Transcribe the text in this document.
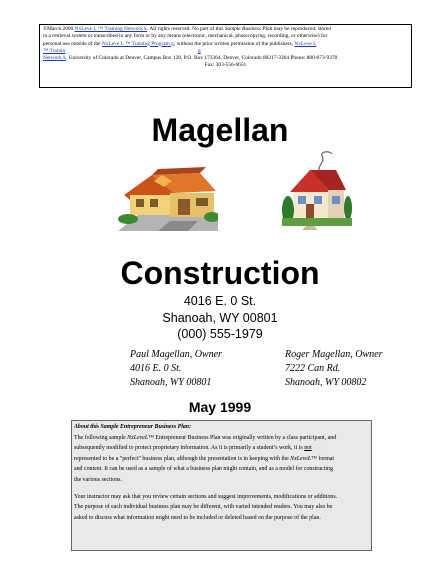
©March 2000 NxLeve L ™ Training Network k. All rights reserved. No part of this Sample Business Plan may be reproduced, stored
in a retrieval system or transcribed in any form or by any means (electronic, mechanical, photocopying, recording, or otherwise) for
personal use outside of the NxLeve L ™ Training Program g, without the prior written permission of the publishers, NxLeve L
™ Trainin	g
Network k, University of Colorado at Denver, Campus Box 128, P.O. Box 173364, Denver, Colorado 80217-3364 Phone: 800-873-9378
Fax: 303-556-6651
Magellan
Construction
4016 E. 0 St.
Shanoah, WY 00801
(000) 555-1979
Paul Magellan, Owner
4016 E. 0 St.
Shanoah, WY 00801
Roger Magellan, Owner
7222 Can Rd.
Shanoah, WY 00802
May 1999
About this Sample Entrepreneur Business Plan:
The following sample NxLeveL™ Entrepreneur Business Plan was originally written by a class participant, and
subsequently modified to protect proprietary information. As it is primarily a student’s work, it is not
represented to be a "perfect" business plan, although the presentation is in keeping with the NxLeveL™ format
and content. It can be used as a sample of what a business plan might contain, and as a model for constructing
the various sections.
Your instructor may ask that you review certain sections and suggest improvements, modifications or additions.
The purpose of each individual business plan may be different, with varied intended readers. You may also be
asked to discuss what information might need to be included or deleted based on the purpose of the plan.
